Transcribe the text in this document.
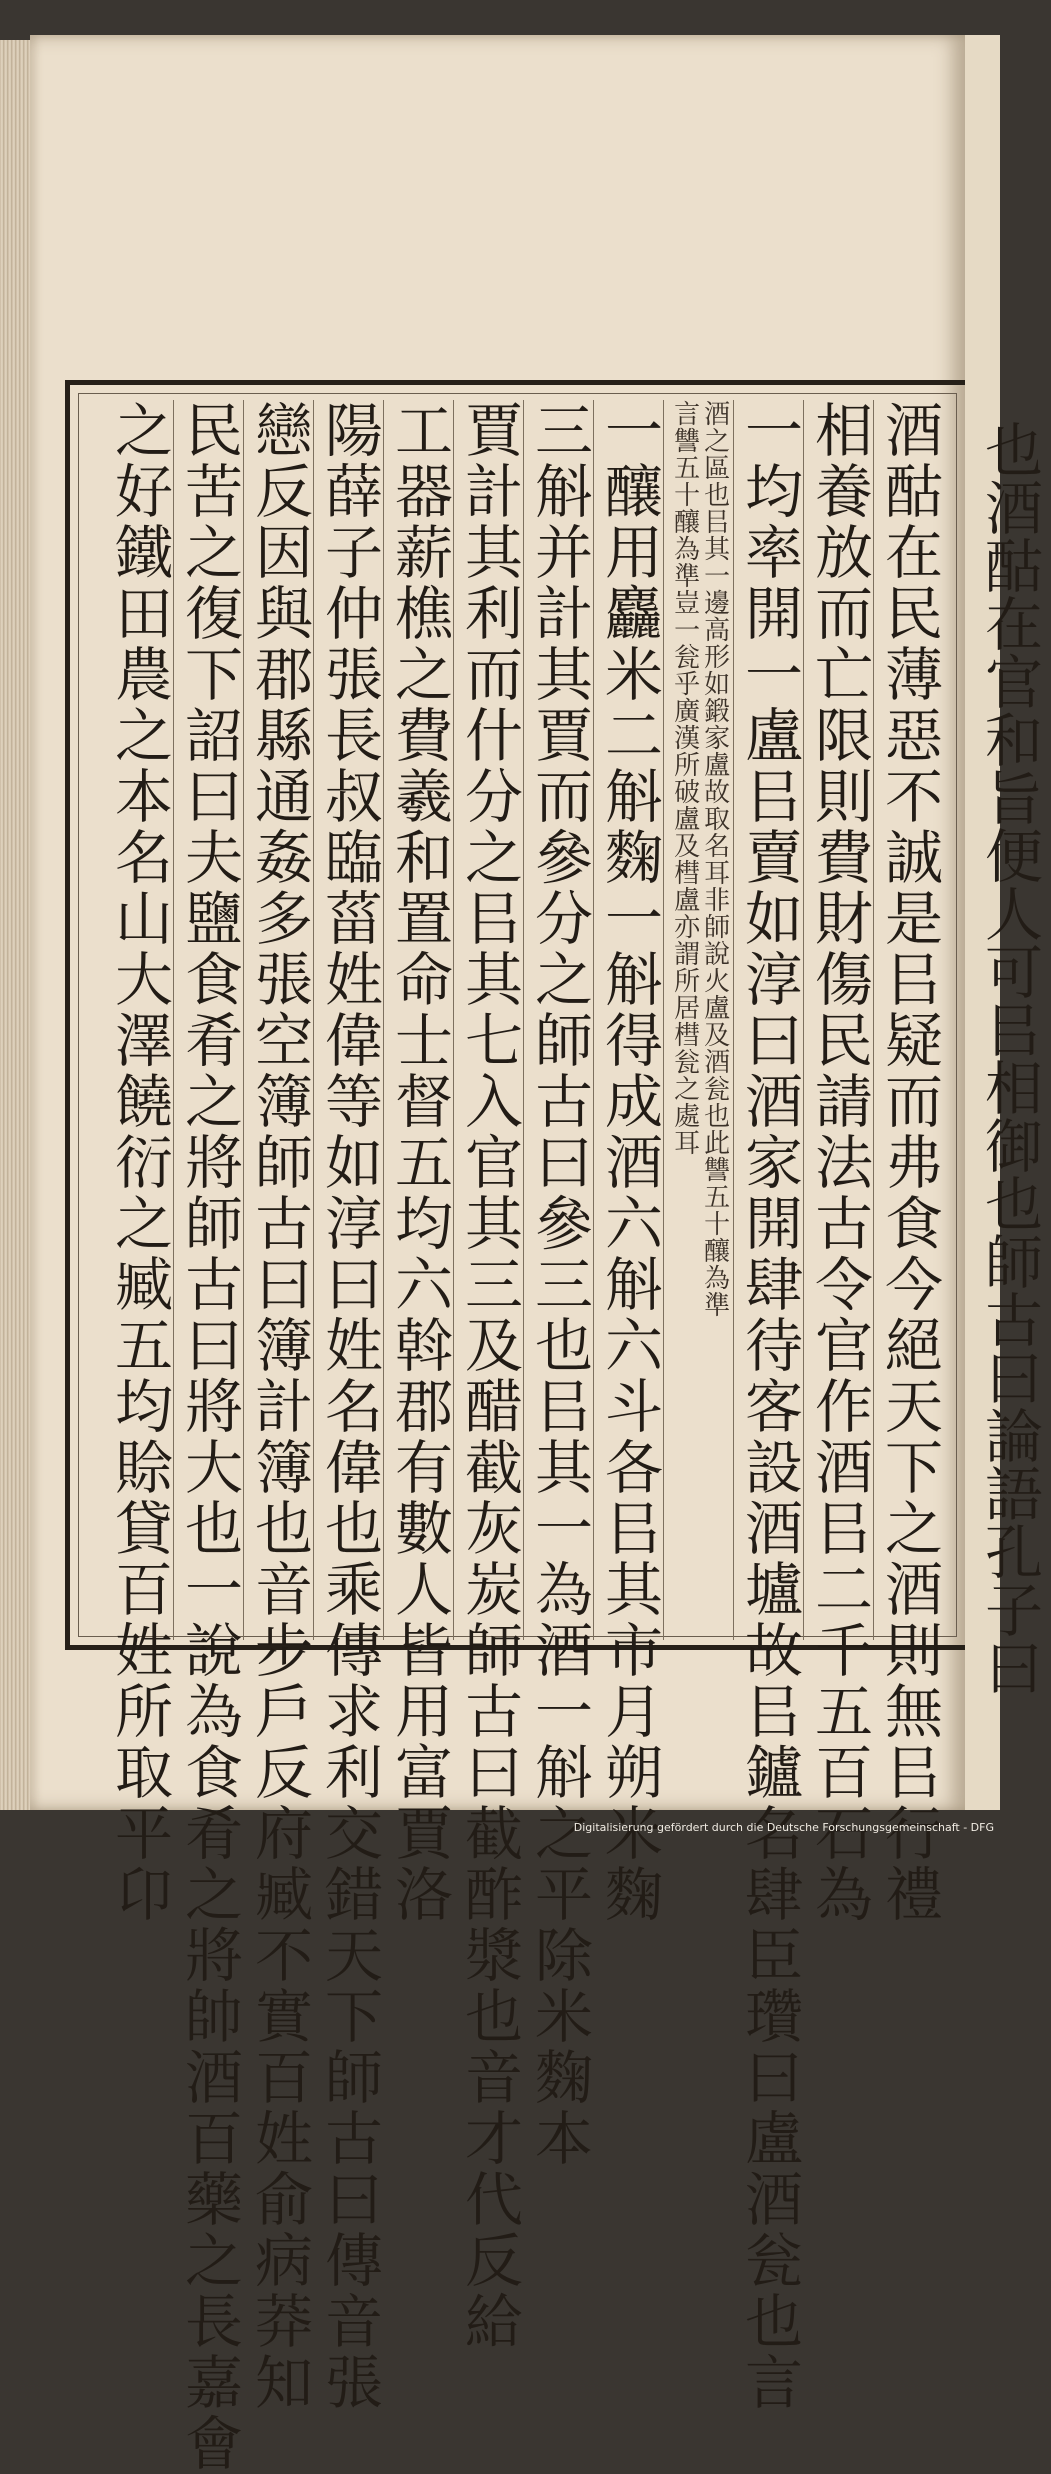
酒酤在民薄惡不誠是㠯疑而弗食今絕天下之酒則無㠯行禮
相養放而亡限則費財傷民請法古令官作酒㠯二千五百石為
一均率開一盧㠯賣如淳曰酒家開肆待客設酒壚故㠯鑪名肆臣瓚曰盧酒瓮也言
酒之區也㠯其一邊高形如鍛家盧故取名耳非師說火盧及酒瓮也此讐五十釀為準
言讐五十釀為準豈一瓮乎廣漢所破盧及槥盧亦謂所居槥瓮之處耳
一釀用麤米二斛麴一斛得成酒六斛六斗各㠯其市月朔米麴
三斛并計其賈而參分之師古曰參三也㠯其一為酒一斛之平除米麴本
賈計其利而什分之㠯其七入官其三及醋截灰炭師古曰截酢漿也音才代反給
工器薪樵之費羲和置命士督五均六斡郡有數人皆用富賈洛
陽薛子仲張長叔臨菑姓偉等如淳曰姓名偉也乘傳求利交錯天下師古曰傳音張
戀反因與郡縣通姦多張空簿師古曰簿計簿也音步戶反府臧不實百姓俞病莽知
民苦之復下詔曰夫鹽食肴之將師古曰將大也一說為食肴之將帥酒百藥之長嘉會
之好鐵田農之本名山大澤饒衍之臧五均賒貸百姓所取平卬	也酒酤在官和旨便人可㠯相御也師古曰論語孔子曰
Digitalisierung gefördert durch die Deutsche Forschungsgemeinschaft - DFG
